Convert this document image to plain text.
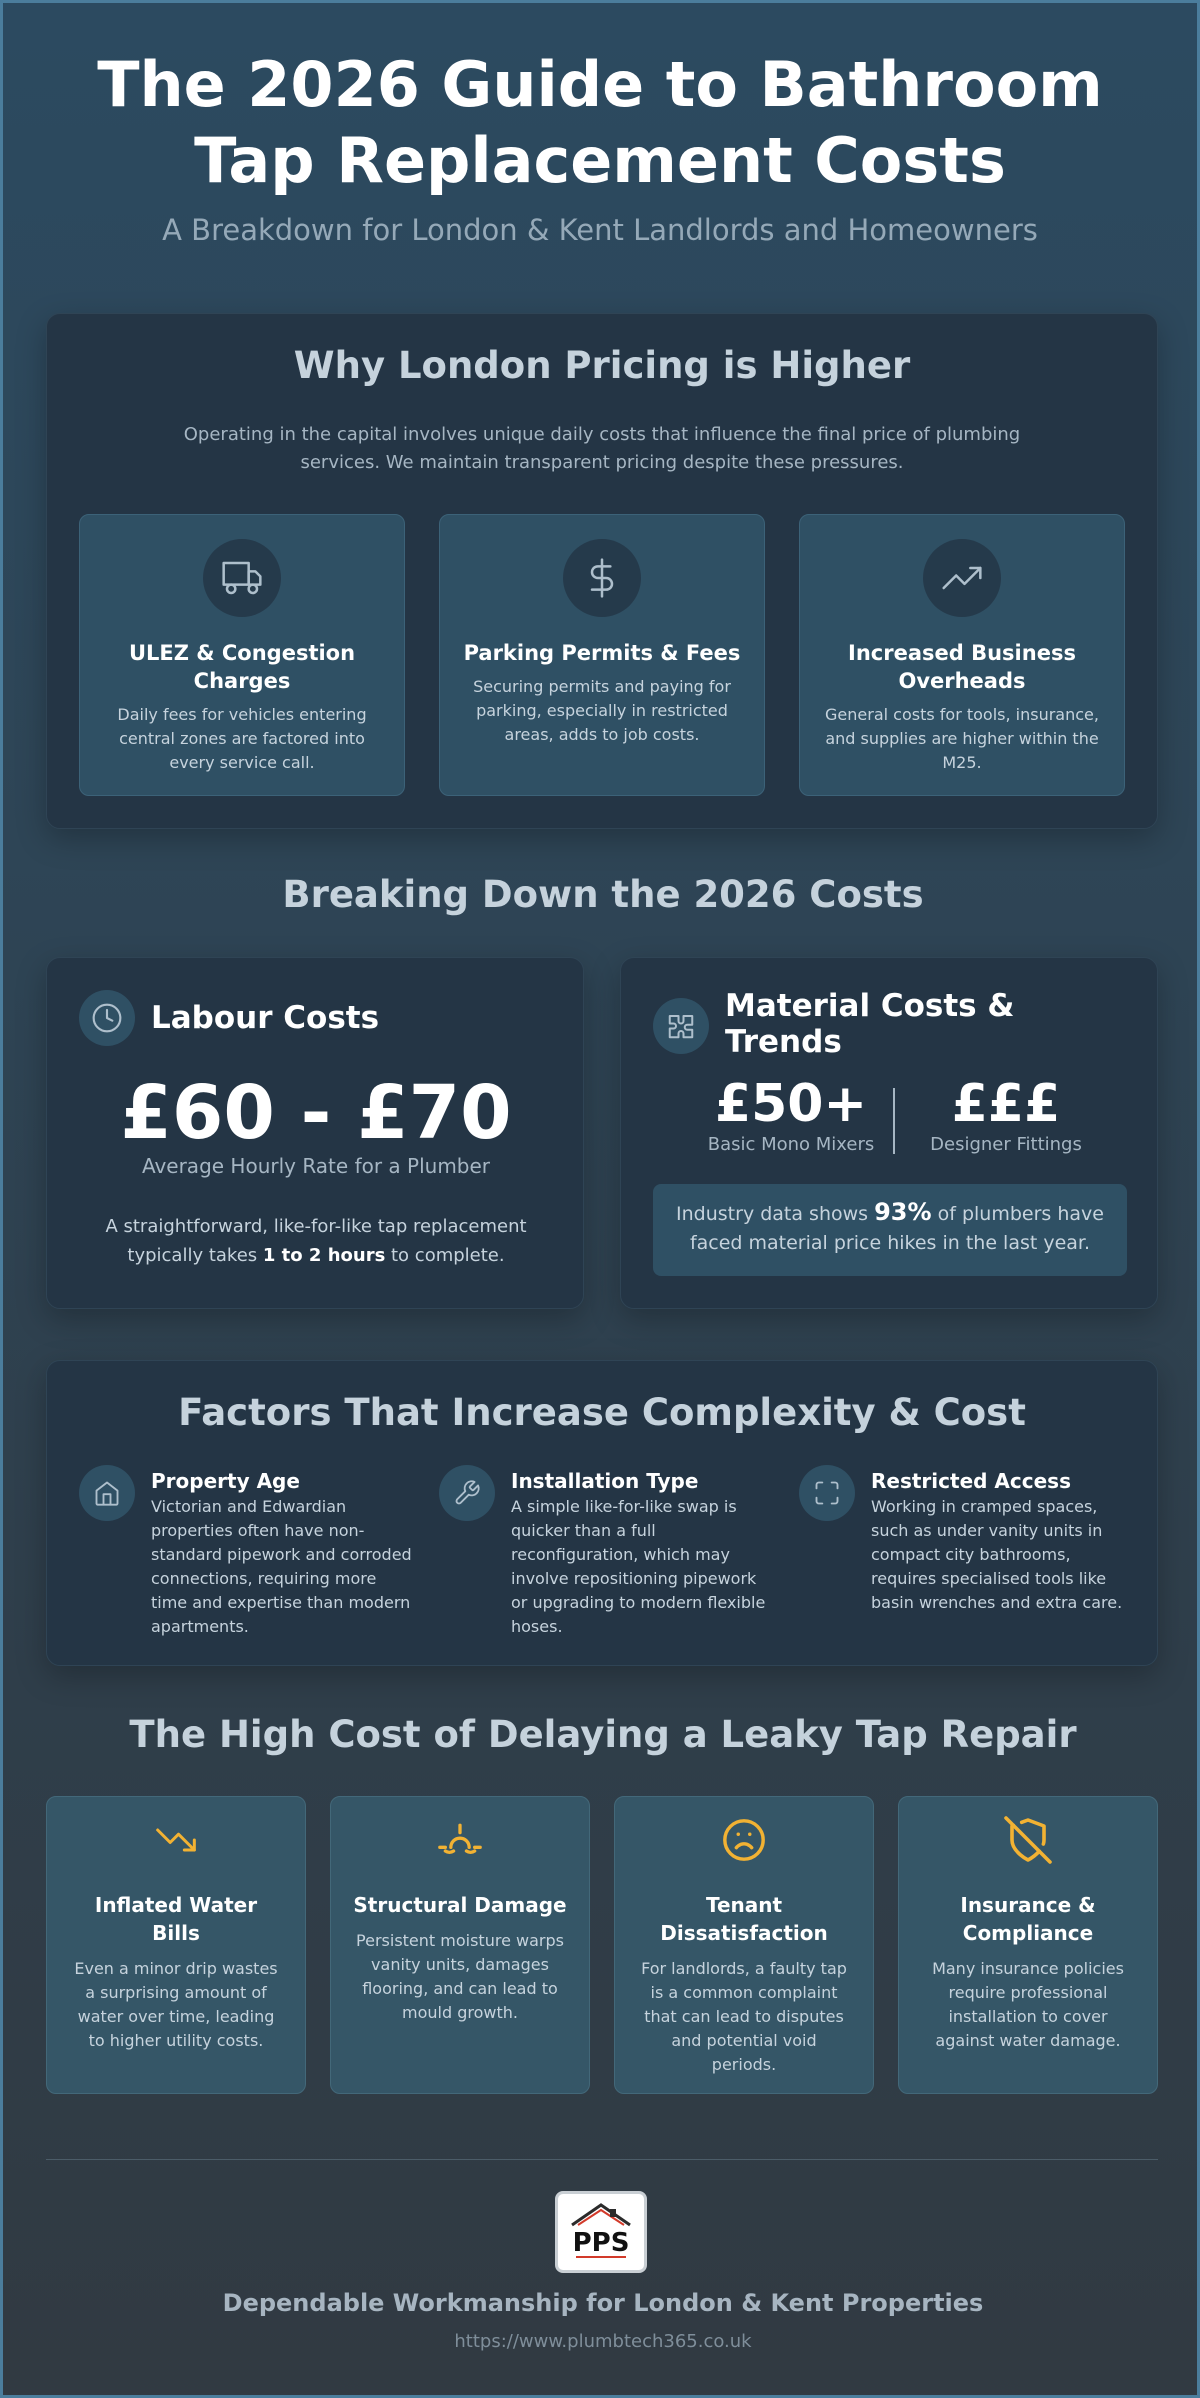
The 2026 Guide to Bathroom Tap Replacement Costs
A Breakdown for London & Kent Landlords and Homeowners
Why London Pricing is Higher

Operating in the capital involves unique daily costs that influence the final price of plumbing services. We maintain transparent pricing despite these pressures.

ULEZ & Congestion Charges
Daily fees for vehicles entering central zones are factored into every service call.
Parking Permits & Fees
Securing permits and paying for parking, especially in restricted areas, adds to job costs.
Increased Business Overheads
General costs for tools, insurance, and supplies are higher within the M25.
Breaking Down the 2026 Costs
Labour Costs
£60 - £70
Average Hourly Rate for a Plumber

A straightforward, like-for-like tap replacement typically takes 1 to 2 hours to complete.

Material Costs & Trends
£50+
Basic Mono Mixers
£££
Designer Fittings
Industry data shows 93% of plumbers have faced material price hikes in the last year.
Factors That Increase Complexity & Cost
Property Age
Victorian and Edwardian properties often have non-standard pipework and corroded connections, requiring more time and expertise than modern apartments.
Installation Type
A simple like-for-like swap is quicker than a full reconfiguration, which may involve repositioning pipework or upgrading to modern flexible hoses.
Restricted Access
Working in cramped spaces, such as under vanity units in compact city bathrooms, requires specialised tools like basin wrenches and extra care.
The High Cost of Delaying a Leaky Tap Repair
Inflated Water Bills
Even a minor drip wastes a surprising amount of water over time, leading to higher utility costs.
Structural Damage
Persistent moisture warps vanity units, damages flooring, and can lead to mould growth.
Tenant Dissatisfaction
For landlords, a faulty tap is a common complaint that can lead to disputes and potential void periods.
Insurance & Compliance
Many insurance policies require professional installation to cover against water damage.
PPS
Dependable Workmanship for London & Kent Properties
https://www.plumbtech365.co.uk
